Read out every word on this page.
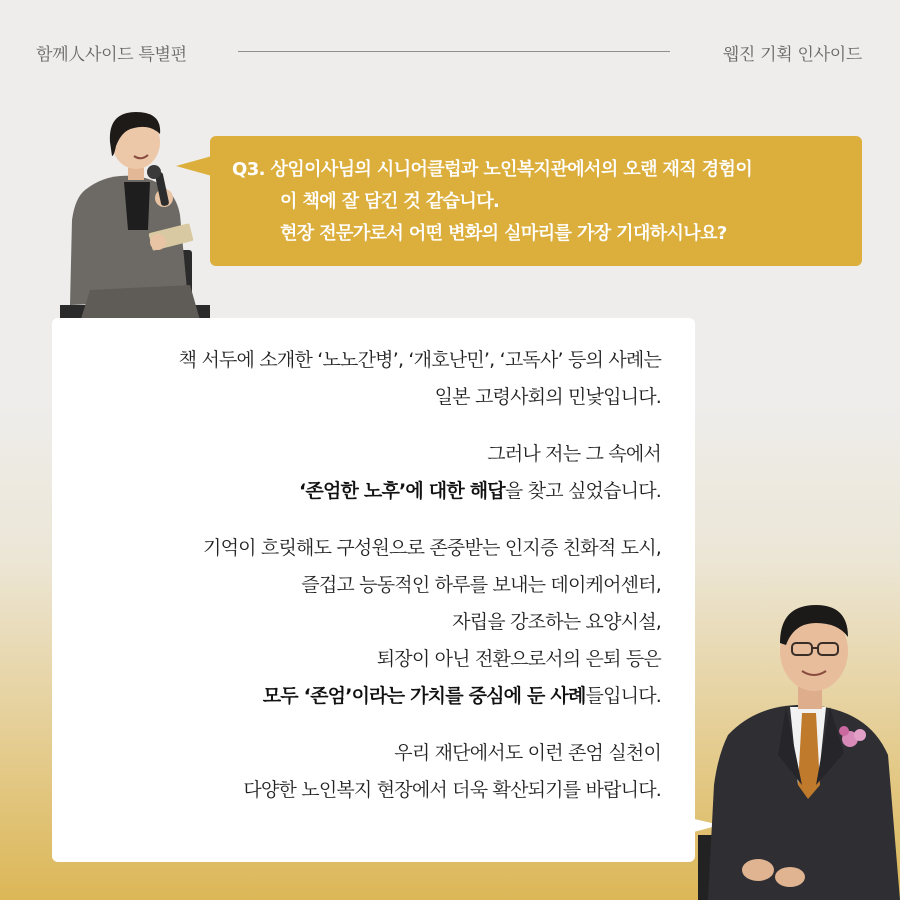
함께人사이드 특별편	웹진 기획 인사이드
Q3. 상임이사님의 시니어클럽과 노인복지관에서의 오랜 재직 경험이
이 책에 잘 담긴 것 같습니다.
현장 전문가로서 어떤 변화의 실마리를 가장 기대하시나요?
책 서두에 소개한 ‘노노간병’, ‘개호난민’, ‘고독사’ 등의 사례는
일본 고령사회의 민낯입니다.
그러나 저는 그 속에서
‘존엄한 노후’에 대한 해답을 찾고 싶었습니다.
기억이 흐릿해도 구성원으로 존중받는 인지증 친화적 도시,
즐겁고 능동적인 하루를 보내는 데이케어센터,
자립을 강조하는 요양시설,
퇴장이 아닌 전환으로서의 은퇴 등은
모두 ‘존엄’이라는 가치를 중심에 둔 사례들입니다.
우리 재단에서도 이런 존엄 실천이
다양한 노인복지 현장에서 더욱 확산되기를 바랍니다.
